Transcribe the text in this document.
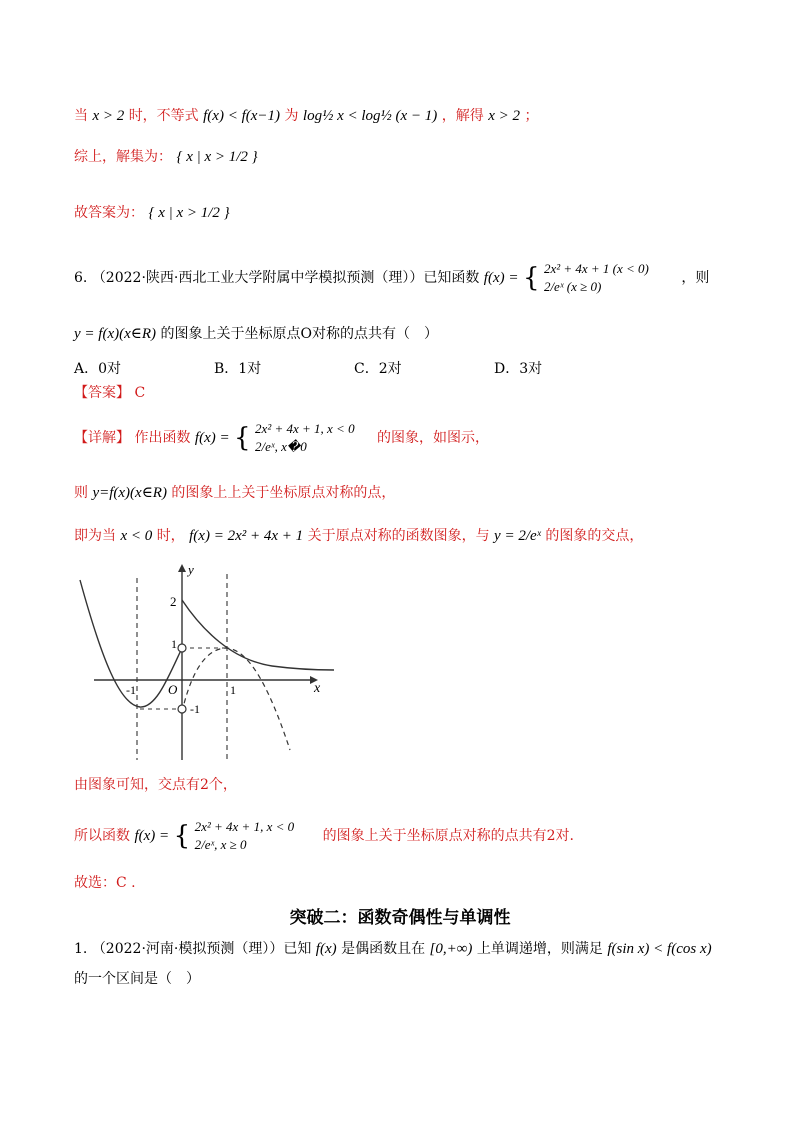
当 x > 2 时，不等式 f(x) < f(x−1) 为 log½ x < log½ (x − 1) ，解得 x > 2 ；
综上，解集为： { x | x > 1/2 }
故答案为： { x | x > 1/2 }
6. （2022·陕西·西北工业大学附属中学模拟预测（理））已知函数 f(x) = { 2x² + 4x + 1 (x < 0)
2/eˣ (x ≥ 0)
，则
y = f(x)(x∈R) 的图象上关于坐标原点O对称的点共有（　）
A．0对	B．1对	C．2对	D．3对
【答案】 C
【详解】 作出函数 f(x) = { 2x² + 4x + 1, x < 0
2/eˣ, x�0
的图象，如图示，
则 y=f(x)(x∈R) 的图象上上关于坐标原点对称的点，
即为当 x < 0 时， f(x) = 2x² + 4x + 1 关于原点对称的函数图象，与 y = 2/eˣ 的图象的交点，
y
x
O
2
1
-1
-1
1
由图象可知，交点有2个，
所以函数 f(x) = { 2x² + 4x + 1, x < 0
2/eˣ, x ≥ 0
的图象上关于坐标原点对称的点共有2对.
故选：C .
突破二：函数奇偶性与单调性
1. （2022·河南·模拟预测（理））已知 f(x) 是偶函数且在 [0,+∞) 上单调递增，则满足 f(sin x) < f(cos x)
的一个区间是（　）
